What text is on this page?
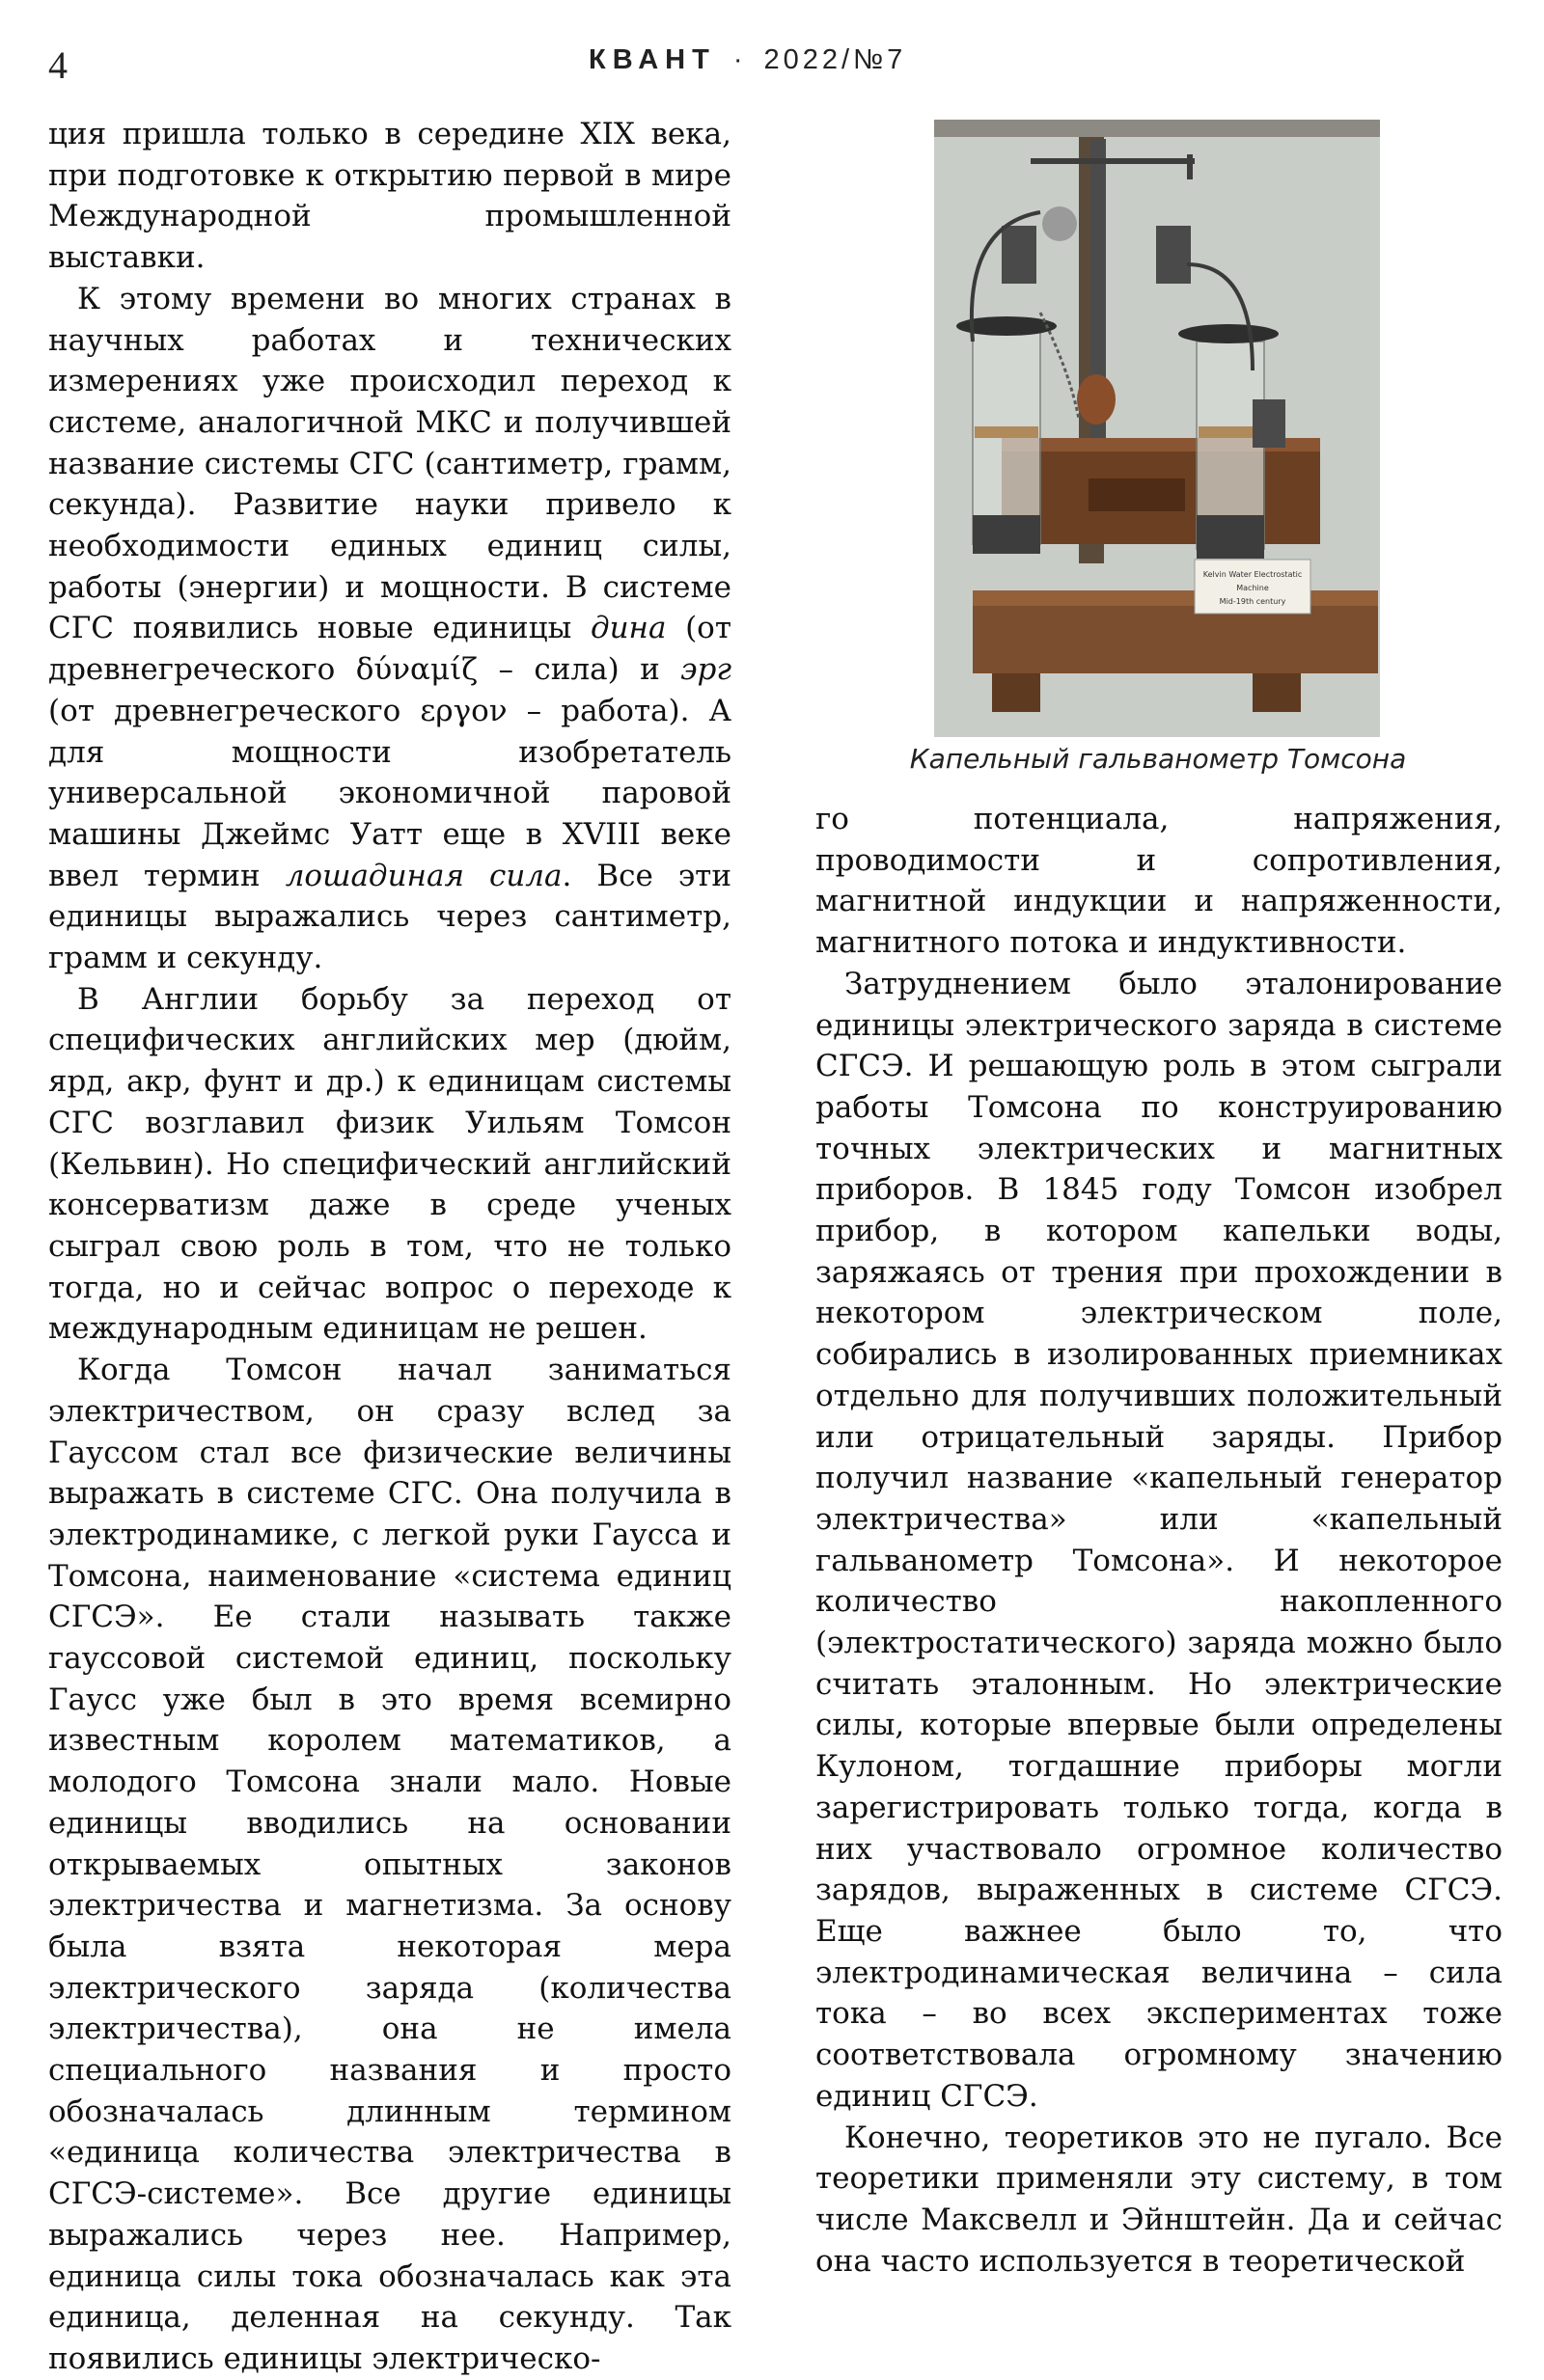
4	КВАНТ · 2022/№7

ция пришла только в середине XIX века, при подготовке к открытию первой в мире Международной промышленной выставки.

К этому времени во многих странах в научных работах и технических измерениях уже происходил переход к системе, аналогичной МКС и получившей название системы СГС (сантиметр, грамм, секунда). Развитие науки привело к необходимости единых единиц силы, работы (энергии) и мощности. В системе СГС появились новые единицы дина (от древнегреческого δύναμίζ – сила) и эрг (от древнегреческого εργον – работа). А для мощности изобретатель универсальной экономичной паровой машины Джеймс Уатт еще в XVIII веке ввел термин лошадиная сила. Все эти единицы выражались через сантиметр, грамм и секунду.

В Англии борьбу за переход от специфических английских мер (дюйм, ярд, акр, фунт и др.) к единицам системы СГС возглавил физик Уильям Томсон (Кельвин). Но специфический английский консерватизм даже в среде ученых сыграл свою роль в том, что не только тогда, но и сейчас вопрос о переходе к международным единицам не решен.

Когда Томсон начал заниматься электричеством, он сразу вслед за Гауссом стал все физические величины выражать в системе СГС. Она получила в электродинамике, с легкой руки Гаусса и Томсона, наименование «система единиц СГСЭ». Ее стали называть также гауссовой системой единиц, поскольку Гаусс уже был в это время всемирно известным королем математиков, а молодого Томсона знали мало. Новые единицы вводились на основании открываемых опытных законов электричества и магнетизма. За основу была взята некоторая мера электрического заряда (количества электричества), она не имела специального названия и просто обозначалась длинным термином «единица количества электричества в СГСЭ-системе». Все другие единицы выражались через нее. Например, единица силы тока обозначалась как эта единица, деленная на секунду. Так появились единицы электрическо-

Kelvin Water Electrostatic
Machine
Mid-19th century
Капельный гальванометр Томсона

го потенциала, напряжения, проводимости и сопротивления, магнитной индукции и напряженности, магнитного потока и индуктивности.

Затруднением было эталонирование единицы электрического заряда в системе СГСЭ. И решающую роль в этом сыграли работы Томсона по конструированию точных электрических и магнитных приборов. В 1845 году Томсон изобрел прибор, в котором капельки воды, заряжаясь от трения при прохождении в некотором электрическом поле, собирались в изолированных приемниках отдельно для получивших положительный или отрицательный заряды. Прибор получил название «капельный генератор электричества» или «капельный гальванометр Томсона». И некоторое количество накопленного (электростатического) заряда можно было считать эталонным. Но электрические силы, которые впервые были определены Кулоном, тогдашние приборы могли зарегистрировать только тогда, когда в них участвовало огромное количество зарядов, выраженных в системе СГСЭ. Еще важнее было то, что электродинамическая величина – сила тока – во всех экспериментах тоже соответствовала огромному значению единиц СГСЭ.

Конечно, теоретиков это не пугало. Все теоретики применяли эту систему, в том числе Максвелл и Эйнштейн. Да и сейчас она часто используется в теоретической
